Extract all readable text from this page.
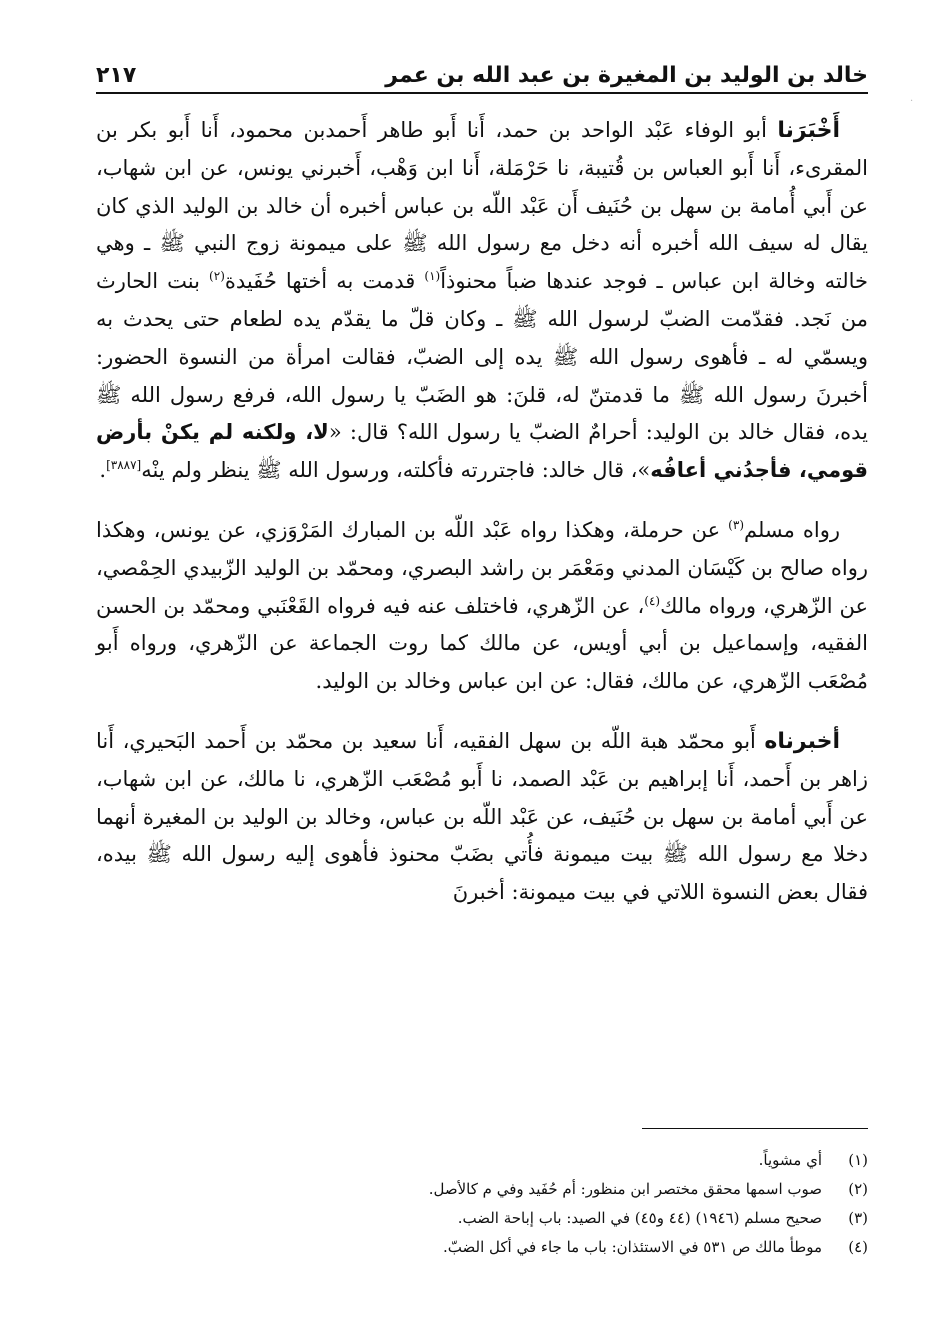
خالد بن الوليد بن المغيرة بن عبد الله بن عمر
٢١٧
·

أَخْبَرَنا أبو الوفاء عَبْد الواحد بن حمد، أَنا أَبو طاهر أَحمدبن محمود، أَنا أَبو بكر بن المقرىء، أَنا أَبو العباس بن قُتيبة، نا حَرْمَلة، أَنا ابن وَهْب، أَخبرني يونس، عن ابن شهاب، عن أَبي أُمامة بن سهل بن حُنَيف أَن عَبْد اللّه بن عباس أخبره أن خالد بن الوليد الذي كان يقال له سيف الله أخبره أنه دخل مع رسول الله ﷺ على ميمونة زوج النبي ﷺ ـ وهي خالته وخالة ابن عباس ـ فوجد عندها ضباً محنوذاً$^{(١)}$ قدمت به أختها حُفَيدة$^{(٢)}$ بنت الحارث من نَجد. فقدّمت الضبّ لرسول الله ﷺ ـ وكان قلّ ما يقدّم يده لطعام حتى يحدث به ويسمّي له ـ فأهوى رسول الله ﷺ يده إلى الضبّ، فقالت امرأة من النسوة الحضور: أخبرنَ رسول الله ﷺ ما قدمتنّ له، قلنَ: هو الضَبّ يا رسول الله، فرفع رسول الله ﷺ يده، فقال خالد بن الوليد: أحرامٌ الضبّ يا رسول الله؟ قال: «لا، ولكنه لم يكنْ بأرض قومي، فأجدُني أعافُه»، قال خالد: فاجتررته فأكلته، ورسول الله ﷺ ينظر ولم ينْه[٣٨٨٧].

رواه مسلم$^{(٣)}$ عن حرملة، وهكذا رواه عَبْد اللّه بن المبارك المَرْوَزي، عن يونس، وهكذا رواه صالح بن كَيْسَان المدني ومَعْمَر بن راشد البصري، ومحمّد بن الوليد الزّبيدي الحِمْصي، عن الزّهري، ورواه مالك$^{(٤)}$، عن الزّهري، فاختلف عنه فيه فرواه القَعْنَبي ومحمّد بن الحسن الفقيه، وإسماعيل بن أبي أويس، عن مالك كما روت الجماعة عن الزّهري، ورواه أَبو مُصْعَب الزّهري، عن مالك، فقال: عن ابن عباس وخالد بن الوليد.

أخبرناه أَبو محمّد هبة اللّه بن سهل الفقيه، أَنا سعيد بن محمّد بن أَحمد البَحيري، أَنا زاهر بن أَحمد، أَنا إبراهيم بن عَبْد الصمد، نا أَبو مُصْعَب الزّهري، نا مالك، عن ابن شهاب، عن أَبي أمامة بن سهل بن حُنَيف، عن عَبْد اللّه بن عباس، وخالد بن الوليد بن المغيرة أنهما دخلا مع رسول الله ﷺ بيت ميمونة فأُتي بضَبّ محنوذ فأهوى إليه رسول الله ﷺ بيده، فقال بعض النسوة اللاتي في بيت ميمونة: أخبرنَ

(١)
أي مشوياً.
(٢)
صوب اسمها محقق مختصر ابن منظور: أم حُفَيد وفي م كالأصل.
(٣)
صحيح مسلم (١٩٤٦) (٤٤ و٤٥) في الصيد: باب إباحة الضب.
(٤)
موطأ مالك ص ٥٣١ في الاستئذان: باب ما جاء في أكل الضبّ.
